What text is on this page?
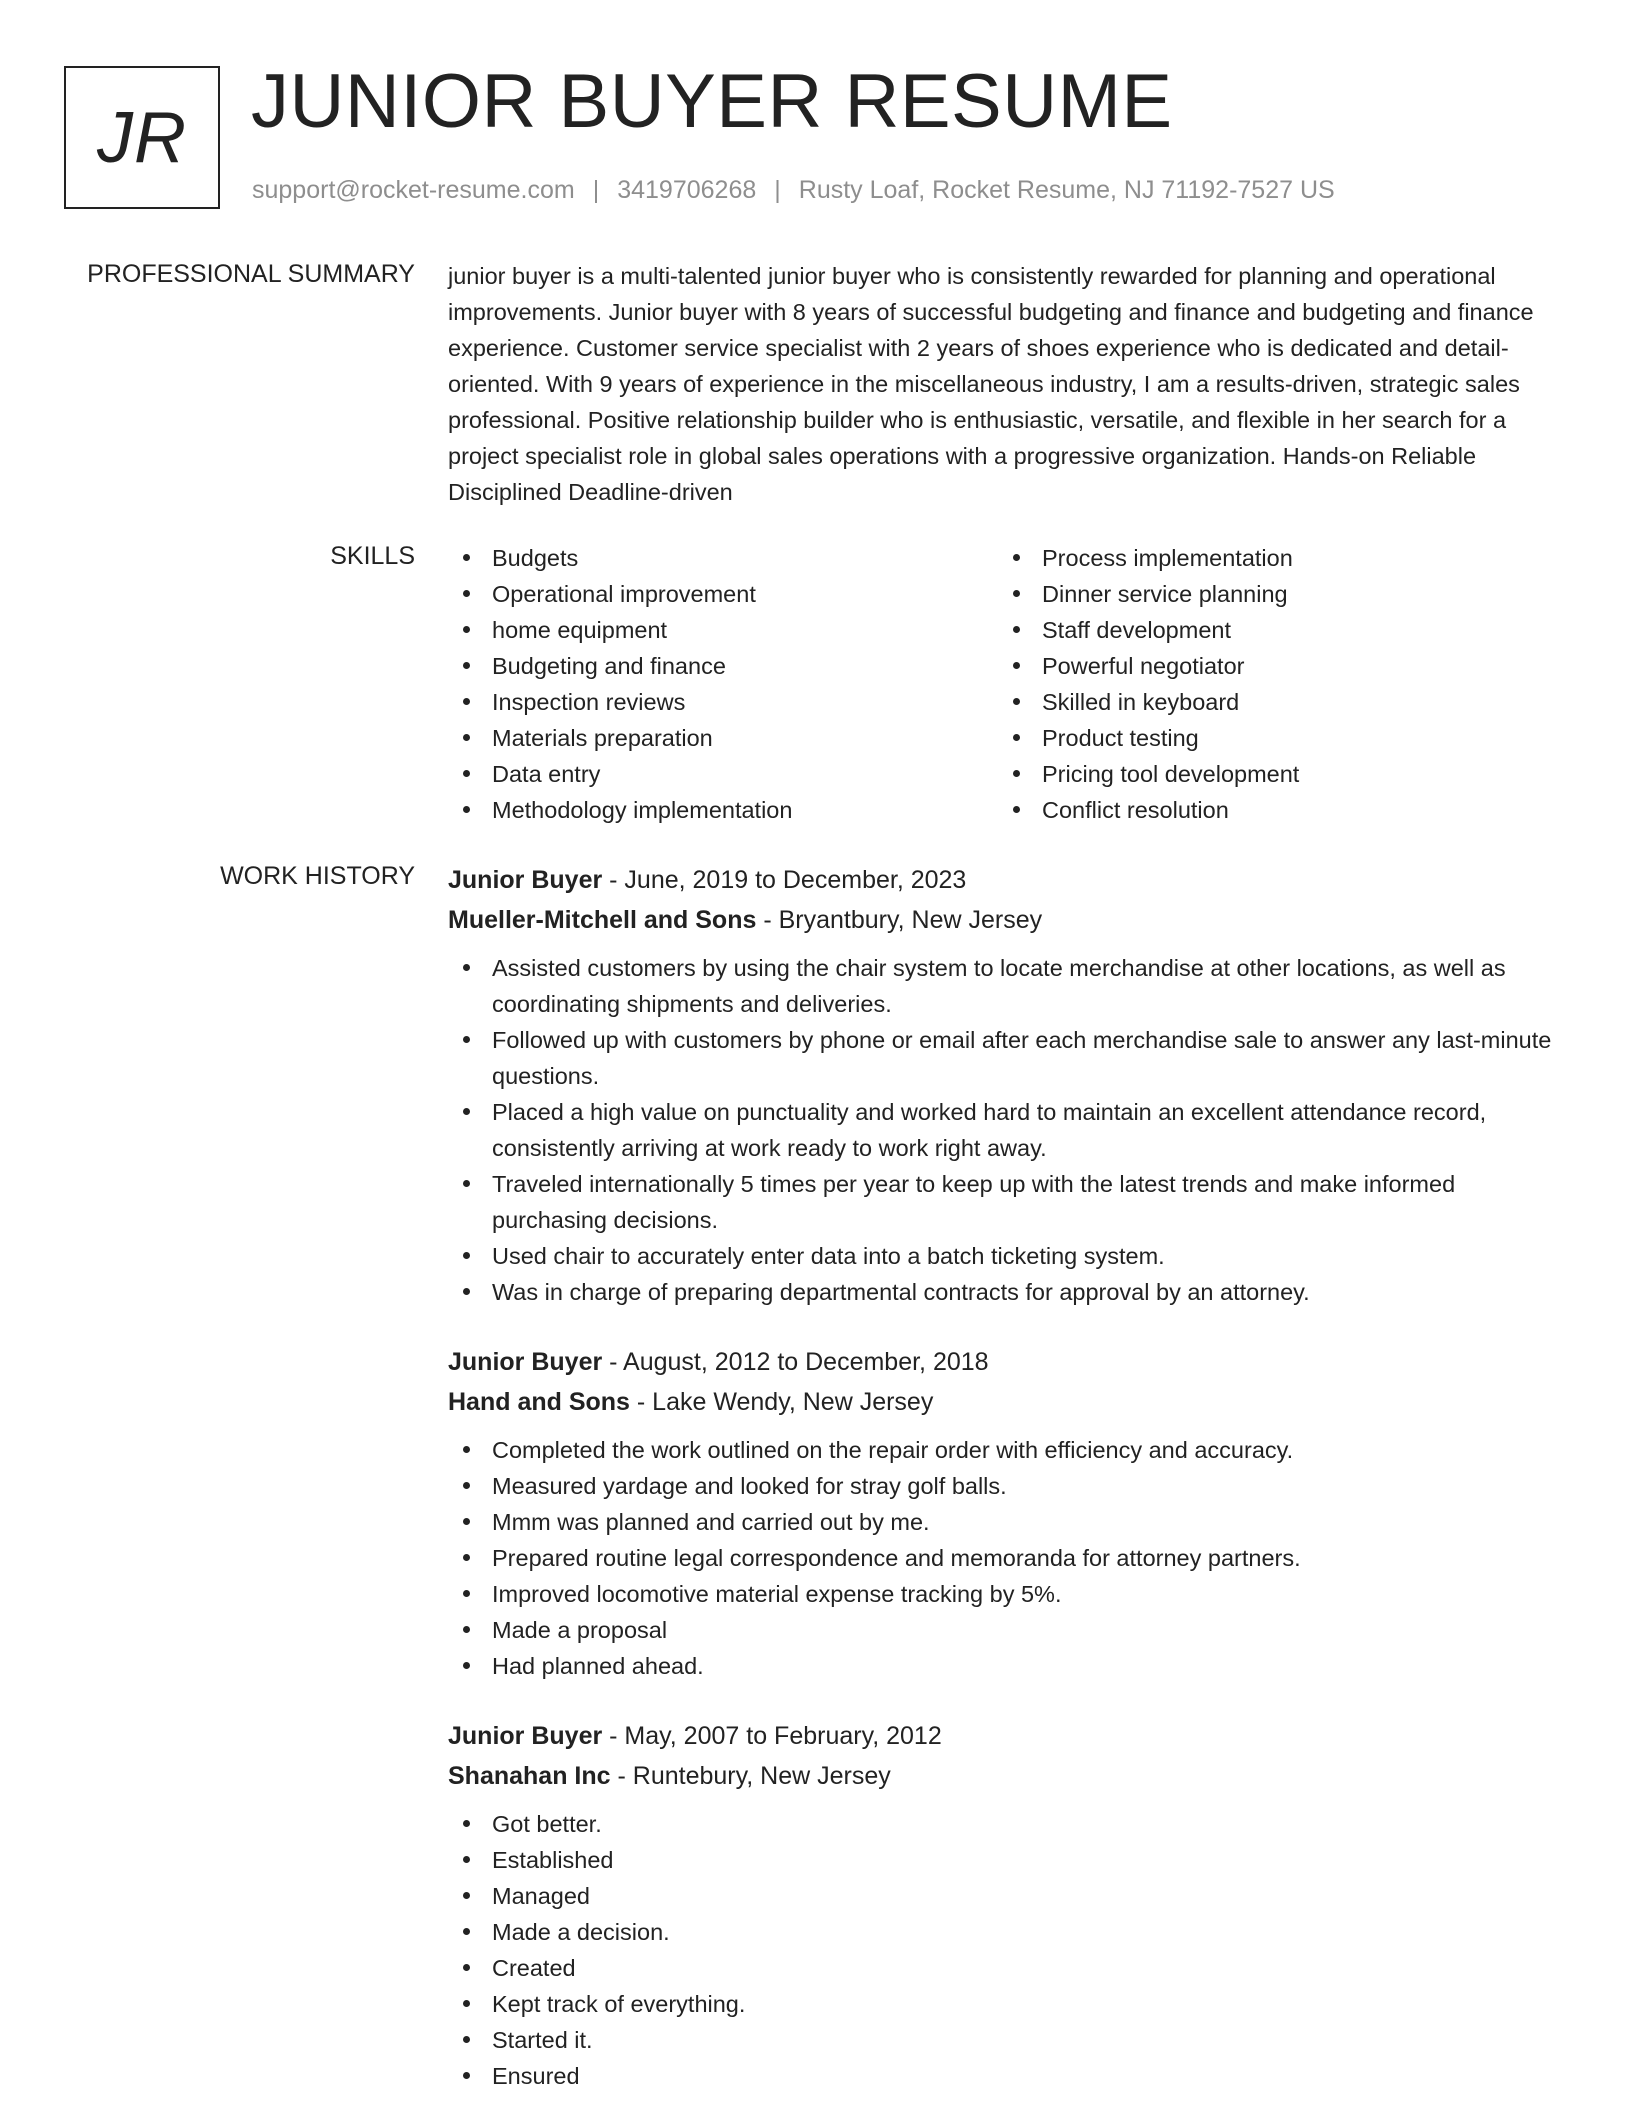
JR JUNIOR BUYER RESUME
support@rocket-resume.com | 3419706268 | Rusty Loaf, Rocket Resume, NJ 71192-7527 US
PROFESSIONAL SUMMARY junior buyer is a multi-talented junior buyer who is consistently rewarded for planning and operational improvements. Junior buyer with 8 years of successful budgeting and finance and budgeting and finance experience. Customer service specialist with 2 years of shoes experience who is dedicated and detail-oriented. With 9 years of experience in the miscellaneous industry, I am a results-driven, strategic sales professional. Positive relationship builder who is enthusiastic, versatile, and flexible in her search for a project specialist role in global sales operations with a progressive organization. Hands-on Reliable Disciplined Deadline-driven
SKILLS	Budgets
Operational improvement
home equipment
Budgeting and finance
Inspection reviews
Materials preparation
Data entry
Methodology implementation
Process implementation
Dinner service planning
Staff development
Powerful negotiator
Skilled in keyboard
Product testing
Pricing tool development
Conflict resolution
WORK HISTORY Junior Buyer - June, 2019 to December, 2023
Mueller-Mitchell and Sons - Bryantbury, New Jersey
Assisted customers by using the chair system to locate merchandise at other locations, as well as coordinating shipments and deliveries.
Followed up with customers by phone or email after each merchandise sale to answer any last-minute questions.
Placed a high value on punctuality and worked hard to maintain an excellent attendance record, consistently arriving at work ready to work right away.
Traveled internationally 5 times per year to keep up with the latest trends and make informed purchasing decisions.
Used chair to accurately enter data into a batch ticketing system.
Was in charge of preparing departmental contracts for approval by an attorney.
Junior Buyer - August, 2012 to December, 2018
Hand and Sons - Lake Wendy, New Jersey
Completed the work outlined on the repair order with efficiency and accuracy.
Measured yardage and looked for stray golf balls.
Mmm was planned and carried out by me.
Prepared routine legal correspondence and memoranda for attorney partners.
Improved locomotive material expense tracking by 5%.
Made a proposal
Had planned ahead.
Junior Buyer - May, 2007 to February, 2012
Shanahan Inc - Runtebury, New Jersey
Got better.
Established
Managed
Made a decision.
Created
Kept track of everything.
Started it.
Ensured
